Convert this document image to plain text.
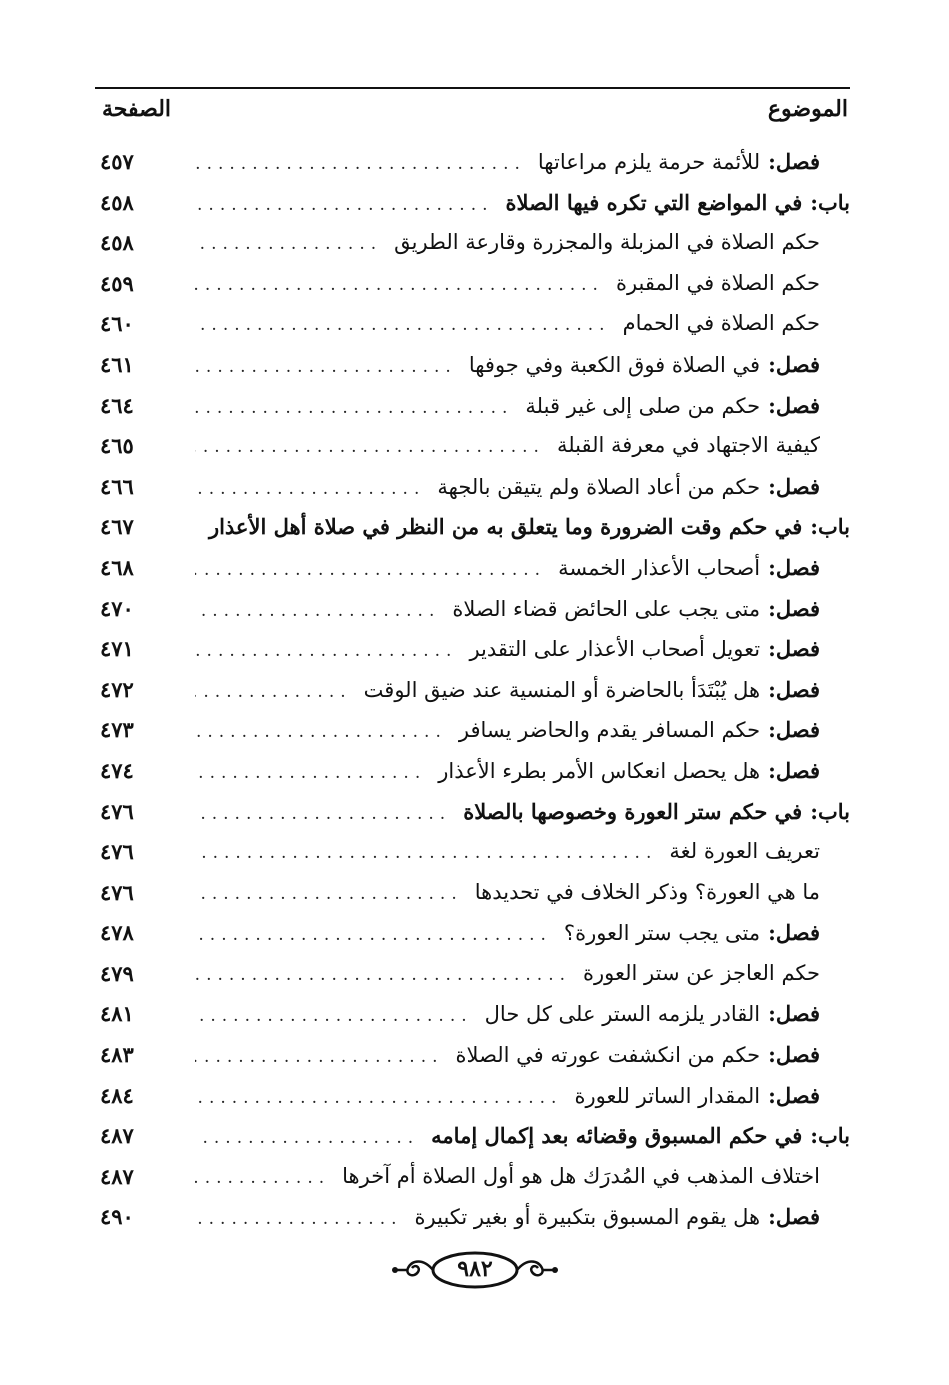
الموضوع
الصفحة
فصل:
للأئمة حرمة يلزم مراعاتها
.....
٤٥٧
باب:
في المواضع التي تكره فيها الصلاة
.....
٤٥٨
حكم الصلاة في المزبلة والمجزرة وقارعة الطريق
.....
٤٥٨
حكم الصلاة في المقبرة
.....
٤٥٩
حكم الصلاة في الحمام
.....
٤٦٠
فصل:
في الصلاة فوق الكعبة وفي جوفها
.....
٤٦١
فصل:
حكم من صلى إلى غير قبلة
.....
٤٦٤
كيفية الاجتهاد في معرفة القبلة
.....
٤٦٥
فصل:
حكم من أعاد الصلاة ولم يتيقن بالجهة
.....
٤٦٦
باب:
في حكم وقت الضرورة وما يتعلق به من النظر في صلاة أهل الأعذار
.....
٤٦٧
فصل:
أصحاب الأعذار الخمسة
.....
٤٦٨
فصل:
متى يجب على الحائض قضاء الصلاة
.....
٤٧٠
فصل:
تعويل أصحاب الأعذار على التقدير
.....
٤٧١
فصل:
هل يُبْتَدَأ بالحاضرة أو المنسية عند ضيق الوقت
.....
٤٧٢
فصل:
حكم المسافر يقدم والحاضر يسافر
.....
٤٧٣
فصل:
هل يحصل انعكاس الأمر بطرء الأعذار
.....
٤٧٤
باب:
في حكم ستر العورة وخصوصها بالصلاة
.....
٤٧٦
تعريف العورة لغة
.....
٤٧٦
ما هي العورة؟ وذكر الخلاف في تحديدها
.....
٤٧٦
فصل:
متى يجب ستر العورة؟
.....
٤٧٨
حكم العاجز عن ستر العورة
.....
٤٧٩
فصل:
القادر يلزمه الستر على كل حال
.....
٤٨١
فصل:
حكم من انكشفت عورته في الصلاة
.....
٤٨٣
فصل:
المقدار الساتر للعورة
.....
٤٨٤
باب:
في حكم المسبوق وقضائه بعد إكمال إمامه
.....
٤٨٧
اختلاف المذهب في المُدرَك هل هو أول الصلاة أم آخرها
.....
٤٨٧
فصل:
هل يقوم المسبوق بتكبيرة أو بغير تكبيرة
.....
٤٩٠
٩٨٢
